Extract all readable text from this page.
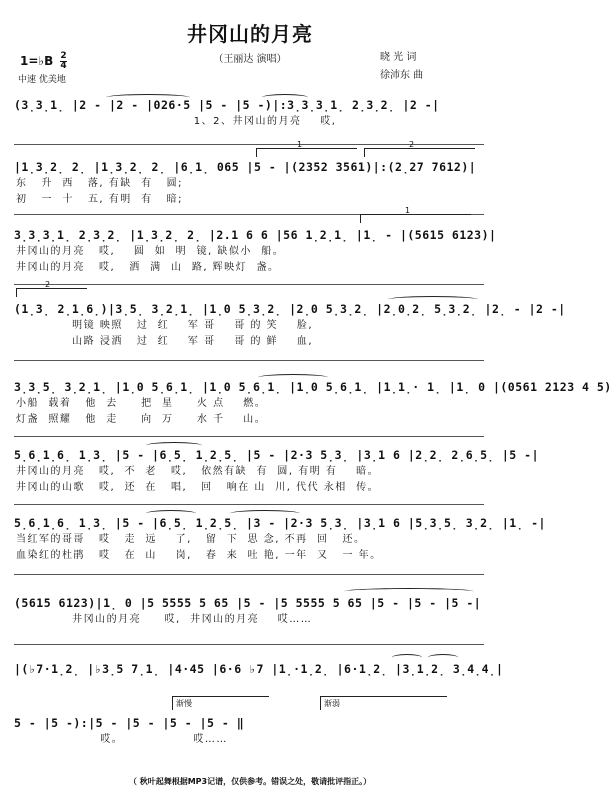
井冈山的月亮
（王丽达 演唱）
1=♭B $\frac{2}{4}$
中速 优美地
晓 光 词
徐沛东 曲
(3̣3̣1̣ |2 - |2 - |026·5 |5 - |5 -)|:3̣3̣3̣1̣ 2̣3̣2̣ |2 -|
1、2、井冈山的月亮    哎,
|1̣3̣2̣ 2̣ |1̣3̣2̣ 2̣ |6̣1̣ 065 |5 - |(2352 3561)|:(2̣27 7612)|
东   升  西   落, 有缺  有   圆;
初   一  十   五, 有明  有   暗;
1	2
3̣3̣3̣1̣ 2̣3̣2̣ |1̣3̣2̣ 2̣ |2.1 6 6 |56 1̣2̣1̣ |1̣ - |(5615 6123)|
井冈山的月亮   哎,    圆  如  明  镜, 缺似小  船。
井冈山的月亮   哎,   洒  满  山  路, 辉映灯  盏。
1
(1̣3̣ 2̣1̣6̣)|3̣5̣ 3̣2̣1̣ |1̣0 5̣3̣2̣ |2̣0 5̣3̣2̣ |2̣0̣2̣ 5̣3̣2̣ |2̣ - |2 -|
明镜 映照   过  红    军 哥    哥 的 笑    脸,
山路 浸洒   过  红    军 哥    哥 的 鲜    血,
2
3̣3̣5̣ 3̣2̣1̣ |1̣0 5̣6̣1̣ |1̣0 5̣6̣1̣ |1̣0 5̣6̣1̣ |1̣1̣· 1̣ |1̣ 0 |(0561 2123 4 5)
小船  载着   他  去     把  星     火 点    燃。
灯盏  照耀   他  走     向  万     水 千    山。
5̣6̣1̣6̣ 1̣3̣ |5 - |6̣5̣ 1̣2̣5̣ |5 - |2·3 5̣3̣ |3̣1 6 |2̣2̣ 2̣6̣5̣ |5 -|
井冈山的月亮   哎,  不  老   哎,   依然有缺  有  圆, 有明 有    暗。
井冈山的山歌   哎,  还  在   唱,   回   响在 山  川, 代代 永相  传。
5̣6̣1̣6̣ 1̣3̣ |5 - |6̣5̣ 1̣2̣5̣ |3 - |2·3 5̣3̣ |3̣1 6 |5̣3̣5̣ 3̣2̣ |1̣ -|
当红军的哥哥   哎   走  远    了,   留  下  思 念, 不再  回   还。
血染红的杜鹃   哎   在  山    岗,   春  来  吐 艳, 一年  又   一 年。
(5615 6123)|1̣ 0 |5 5555 5 65 |5 - |5 5555 5 65 |5 - |5 - |5 -|
井冈山的月亮     哎,  井冈山的月亮    哎……
|(♭7·1̣2̣ |♭3̣5 7̣1̣ |4·45 |6·6 ♭7 |1̣·1̣2̣ |6·1̣2̣ |3̣1̣2̣ 3̣4̣4̣|
5 - |5 -):|5 - |5 - |5 - |5 - ‖
哎。               哎……
渐慢	渐弱
（ 秋叶起舞根据MP3记谱，仅供参考。错误之处，敬请批评指正。）
